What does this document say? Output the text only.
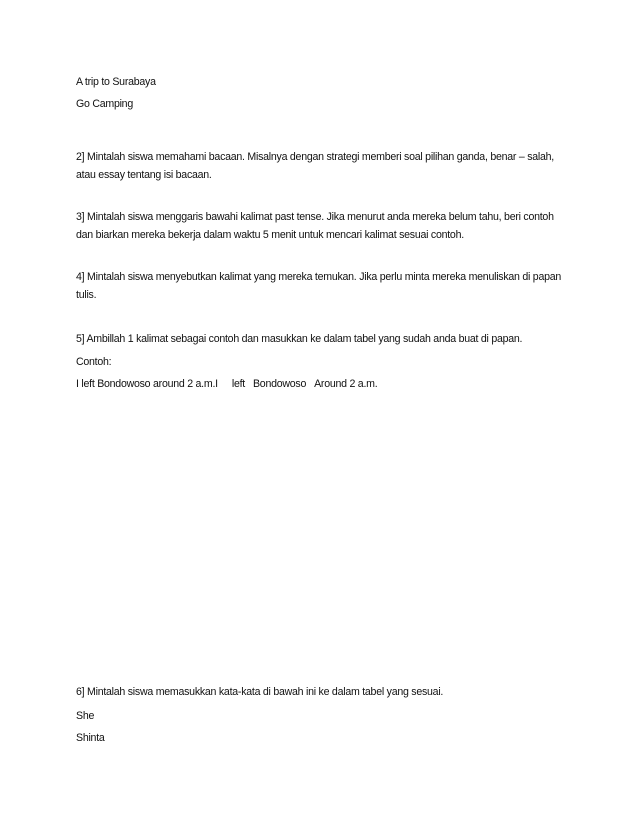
A trip to Surabaya

Go Camping

2] Mintalah siswa memahami bacaan. Misalnya dengan strategi memberi soal pilihan ganda, benar – salah, atau essay tentang isi bacaan.

3] Mintalah siswa menggaris bawahi kalimat past tense. Jika menurut anda mereka belum tahu, beri contoh dan biarkan mereka bekerja dalam waktu 5 menit untuk mencari kalimat sesuai contoh.

4] Mintalah siswa menyebutkan kalimat yang mereka temukan. Jika perlu minta mereka menuliskan di papan tulis.

5] Ambillah 1 kalimat sebagai contoh dan masukkan ke dalam tabel yang sudah anda buat di papan.

Contoh:

I left Bondowoso around 2 a.m.I left Bondowoso Around 2 a.m.

6] Mintalah siswa memasukkan kata-kata di bawah ini ke dalam tabel yang sesuai.

She

Shinta
